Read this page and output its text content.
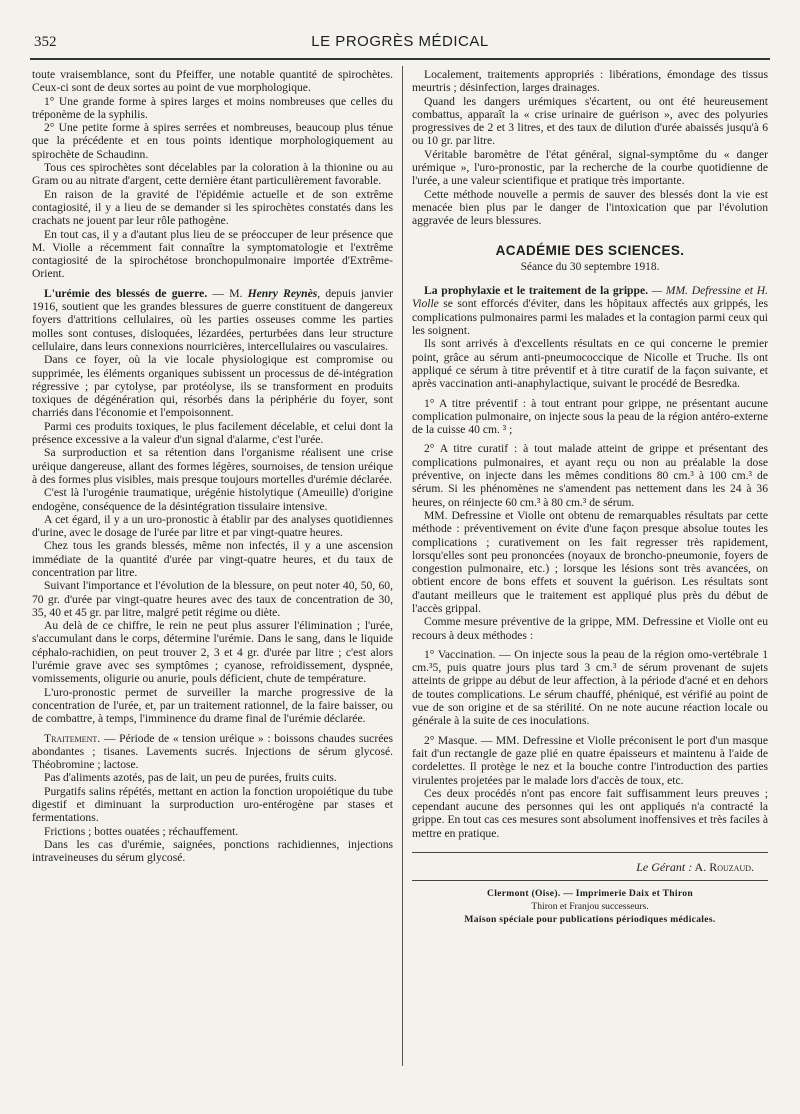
352	LE PROGRÈS MÉDICAL

toute vraisemblance, sont du Pfeiffer, une notable quantité de spirochètes. Ceux-ci sont de deux sortes au point de vue morphologique.

1° Une grande forme à spires larges et moins nombreuses que celles du tréponème de la syphilis.

2° Une petite forme à spires serrées et nombreuses, beaucoup plus ténue que la précédente et en tous points identique morphologiquement au spirochète de Schaudinn.

Tous ces spirochètes sont décelables par la coloration à la thionine ou au Gram ou au nitrate d'argent, cette dernière étant particulièrement favorable.

En raison de la gravité de l'épidémie actuelle et de son extrême contagiosité, il y a lieu de se demander si les spirochètes constatés dans les crachats ne jouent par leur rôle pathogène.

En tout cas, il y a d'autant plus lieu de se préoccuper de leur présence que M. Violle a récemment fait connaître la symptomatologie et l'extrême contagiosité de la spirochétose bronchopulmonaire importée d'Extrême-Orient.

L'urémie des blessés de guerre. — M. Henry Reynès, depuis janvier 1916, soutient que les grandes blessures de guerre constituent de dangereux foyers d'attritions cellulaires, où les parties osseuses comme les parties molles sont contuses, disloquées, lézardées, perturbées dans leur structure cellulaire, dans leurs connexions nourricières, intercellulaires ou vasculaires.

Dans ce foyer, où la vie locale physiologique est compromise ou supprimée, les éléments organiques subissent un processus de dé-intégration régressive ; par cytolyse, par protéolyse, ils se transforment en produits toxiques de dégénération qui, résorbés dans la périphérie du foyer, sont charriés dans l'économie et l'empoisonnent.

Parmi ces produits toxiques, le plus facilement décelable, et celui dont la présence excessive a la valeur d'un signal d'alarme, c'est l'urée.

Sa surproduction et sa rétention dans l'organisme réalisent une crise uréique dangereuse, allant des formes légères, sournoises, de tension uréique à des formes plus visibles, mais presque toujours mortelles d'urémie déclarée.

C'est là l'urogénie traumatique, urégénie histolytique (Ameuille) d'origine endogène, conséquence de la désintégration tissulaire intensive.

A cet égard, il y a un uro-pronostic à établir par des analyses quotidiennes d'urine, avec le dosage de l'urée par litre et par vingt-quatre heures.

Chez tous les grands blessés, même non infectés, il y a une ascension immédiate de la quantité d'urée par vingt-quatre heures, et du taux de concentration par litre.

Suivant l'importance et l'évolution de la blessure, on peut noter 40, 50, 60, 70 gr. d'urée par vingt-quatre heures avec des taux de concentration de 30, 35, 40 et 45 gr. par litre, malgré petit régime ou diète.

Au delà de ce chiffre, le rein ne peut plus assurer l'élimination ; l'urée, s'accumulant dans le corps, détermine l'urémie. Dans le sang, dans le liquide céphalo-rachidien, on peut trouver 2, 3 et 4 gr. d'urée par litre ; c'est alors l'urémie grave avec ses symptômes ; cyanose, refroidissement, dyspnée, vomissements, oligurie ou anurie, pouls déficient, chute de température.

L'uro-pronostic permet de surveiller la marche progressive de la concentration de l'urée, et, par un traitement rationnel, de la faire baisser, ou de combattre, à temps, l'imminence du drame final de l'urémie déclarée.

Traitement. — Période de « tension uréique » : boissons chaudes sucrées abondantes ; tisanes. Lavements sucrés. Injections de sérum glycosé. Théobromine ; lactose.

Pas d'aliments azotés, pas de lait, un peu de purées, fruits cuits.

Purgatifs salins répétés, mettant en action la fonction uropoiétique du tube digestif et diminuant la surproduction uro-entérogène par stases et fermentations.

Frictions ; bottes ouatées ; réchauffement.

Dans les cas d'urémie, saignées, ponctions rachidiennes, injections intraveineuses du sérum glycosé.

Localement, traitements appropriés : libérations, émondage des tissus meurtris ; désinfection, larges drainages.

Quand les dangers urémiques s'écartent, ou ont été heureusement combattus, apparaît la « crise urinaire de guérison », avec des polyuries progressives de 2 et 3 litres, et des taux de dilution d'urée abaissés jusqu'à 6 ou 10 gr. par litre.

Véritable baromètre de l'état général, signal-symptôme du « danger urémique », l'uro-pronostic, par la recherche de la courbe quotidienne de l'urée, a une valeur scientifique et pratique très importante.

Cette méthode nouvelle a permis de sauver des blessés dont la vie est menacée bien plus par le danger de l'intoxication que par l'évolution aggravée de leurs blessures.

ACADÉMIE DES SCIENCES.
Séance du 30 septembre 1918.

La prophylaxie et le traitement de la grippe. — MM. Defressine et H. Violle se sont efforcés d'éviter, dans les hôpitaux affectés aux grippés, les complications pulmonaires parmi les malades et la contagion parmi ceux qui les soignent.

Ils sont arrivés à d'excellents résultats en ce qui concerne le premier point, grâce au sérum anti-pneumococcique de Nicolle et Truche. Ils ont appliqué ce sérum à titre préventif et à titre curatif de la façon suivante, et après vaccination anti-anaphylactique, suivant le procédé de Besredka.

1° A titre préventif : à tout entrant pour grippe, ne présentant aucune complication pulmonaire, on injecte sous la peau de la région antéro-externe de la cuisse 40 cm. ³ ;

2° A titre curatif : à tout malade atteint de grippe et présentant des complications pulmonaires, et ayant reçu ou non au préalable la dose préventive, on injecte dans les mêmes conditions 80 cm.³ à 100 cm.³ de sérum. Si les phénomènes ne s'amendent pas nettement dans les 24 à 36 heures, on réinjecte 60 cm.³ à 80 cm.³ de sérum.

MM. Defressine et Violle ont obtenu de remarquables résultats par cette méthode : préventivement on évite d'une façon presque absolue toutes les complications ; curativement on les fait regresser très rapidement, lorsqu'elles sont peu prononcées (noyaux de broncho-pneumonie, foyers de congestion pulmonaire, etc.) ; lorsque les lésions sont très avancées, on obtient encore de bons effets et souvent la guérison. Les résultats sont d'autant meilleurs que le traitement est appliqué plus près du début de l'accès grippal.

Comme mesure préventive de la grippe, MM. Defressine et Violle ont eu recours à deux méthodes :

1° Vaccination. — On injecte sous la peau de la région omo-vertébrale 1 cm.³5, puis quatre jours plus tard 3 cm.³ de sérum provenant de sujets atteints de grippe au début de leur affection, à la période d'acné et en dehors de toutes complications. Le sérum chauffé, phéniqué, est vérifié au point de vue de son origine et de sa stérilité. On ne note aucune réaction locale ou générale à la suite de ces inoculations.

2° Masque. — MM. Defressine et Violle préconisent le port d'un masque fait d'un rectangle de gaze plié en quatre épaisseurs et maintenu à l'aide de cordelettes. Il protège le nez et la bouche contre l'introduction des parties virulentes projetées par le malade lors d'accès de toux, etc.

Ces deux procédés n'ont pas encore fait suffisamment leurs preuves ; cependant aucune des personnes qui les ont appliqués n'a contracté la grippe. En tout cas ces mesures sont absolument inoffensives et très faciles à mettre en pratique.

Le Gérant : A. Rouzaud.
Clermont (Oise). — Imprimerie Daix et Thiron
Thiron et Franjou successeurs.
Maison spéciale pour publications périodiques médicales.
